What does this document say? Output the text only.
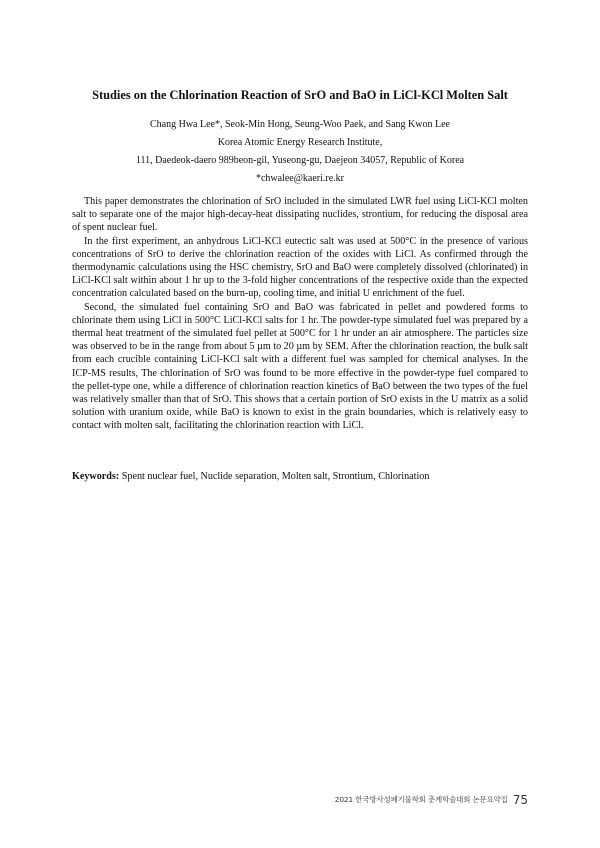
Studies on the Chlorination Reaction of SrO and BaO in LiCl-KCl Molten Salt
Chang Hwa Lee*, Seok-Min Hong, Seung-Woo Paek, and Sang Kwon Lee
Korea Atomic Energy Research Institute,
111, Daedeok-daero 989beon-gil, Yuseong-gu, Daejeon 34057, Republic of Korea
*chwalee@kaeri.re.kr

This paper demonstrates the chlorination of SrO included in the simulated LWR fuel using LiCl-KCl molten salt to separate one of the major high-decay-heat dissipating nuclides, strontium, for reducing the disposal area of spent nuclear fuel.

In the first experiment, an anhydrous LiCl-KCl eutectic salt was used at 500°C in the presence of various concentrations of SrO to derive the chlorination reaction of the oxides with LiCl. As confirmed through the thermodynamic calculations using the HSC chemistry, SrO and BaO were completely dissolved (chlorinated) in LiCl-KCl salt within about 1 hr up to the 3-fold higher concentrations of the respective oxide than the expected concentration calculated based on the burn-up, cooling time, and initial U enrichment of the fuel.

Second, the simulated fuel containing SrO and BaO was fabricated in pellet and powdered forms to chlorinate them using LiCl in 500°C LiCl-KCl salts for 1 hr. The powder-type simulated fuel was prepared by a thermal heat treatment of the simulated fuel pellet at 500°C for 1 hr under an air atmosphere. The particles size was observed to be in the range from about 5 µm to 20 µm by SEM. After the chlorination reaction, the bulk salt from each crucible containing LiCl-KCl salt with a different fuel was sampled for chemical analyses. In the ICP-MS results, The chlorination of SrO was found to be more effective in the powder-type fuel compared to the pellet-type one, while a difference of chlorination reaction kinetics of BaO between the two types of the fuel was relatively smaller than that of SrO. This shows that a certain portion of SrO exists in the U matrix as a solid solution with uranium oxide, while BaO is known to exist in the grain boundaries, which is relatively easy to contact with molten salt, facilitating the chlorination reaction with LiCl.

Keywords: Spent nuclear fuel, Nuclide separation, Molten salt, Strontium, Chlorination
2021 한국방사성폐기물학회 춘계학술대회 논문요약집 75
